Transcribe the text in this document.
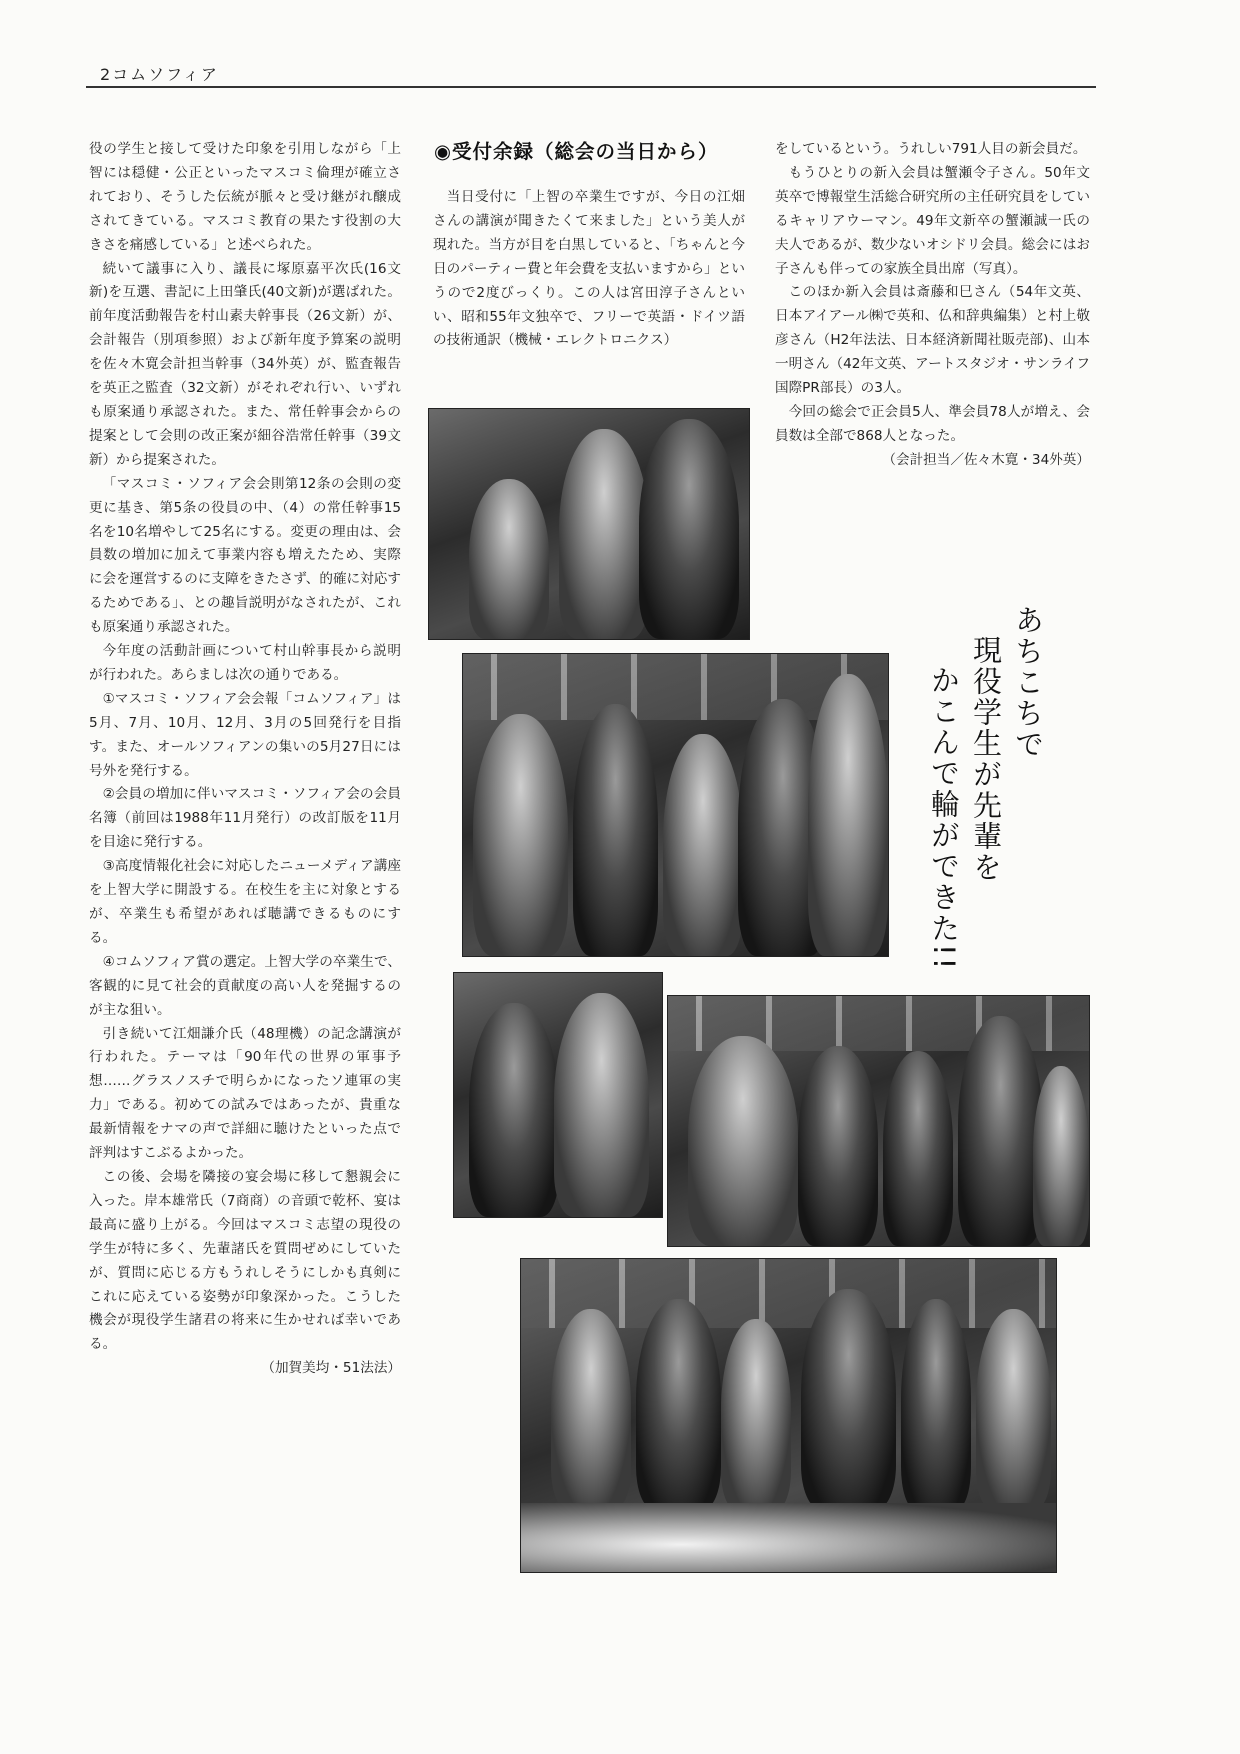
2コムソフィア

役の学生と接して受けた印象を引用しながら「上智には穏健・公正といったマスコミ倫理が確立されており、そうした伝統が脈々と受け継がれ醸成されてきている。マスコミ教育の果たす役割の大きさを痛感している」と述べられた。

続いて議事に入り、議長に塚原嘉平次氏(16文新)を互選、書記に上田肇氏(40文新)が選ばれた。前年度活動報告を村山素夫幹事長（26文新）が、会計報告（別項参照）および新年度予算案の説明を佐々木寛会計担当幹事（34外英）が、監査報告を英正之監査（32文新）がそれぞれ行い、いずれも原案通り承認された。また、常任幹事会からの提案として会則の改正案が細谷浩常任幹事（39文新）から提案された。

「マスコミ・ソフィア会会則第12条の会則の変更に基き、第5条の役員の中、（4）の常任幹事15名を10名増やして25名にする。変更の理由は、会員数の増加に加えて事業内容も増えたため、実際に会を運営するのに支障をきたさず、的確に対応するためである」、との趣旨説明がなされたが、これも原案通り承認された。

今年度の活動計画について村山幹事長から説明が行われた。あらましは次の通りである。

①マスコミ・ソフィア会会報「コムソフィア」は5月、7月、10月、12月、3月の5回発行を目指す。また、オールソフィアンの集いの5月27日には号外を発行する。

②会員の増加に伴いマスコミ・ソフィア会の会員名簿（前回は1988年11月発行）の改訂版を11月を目途に発行する。

③高度情報化社会に対応したニューメディア講座を上智大学に開設する。在校生を主に対象とするが、卒業生も希望があれば聴講できるものにする。

④コムソフィア賞の選定。上智大学の卒業生で、客観的に見て社会的貢献度の高い人を発掘するのが主な狙い。

引き続いて江畑謙介氏（48理機）の記念講演が行われた。テーマは「90年代の世界の軍事予想……グラスノスチで明らかになったソ連軍の実力」である。初めての試みではあったが、貴重な最新情報をナマの声で詳細に聴けたといった点で評判はすこぶるよかった。

この後、会場を隣接の宴会場に移して懇親会に入った。岸本雄常氏（7商商）の音頭で乾杯、宴は最高に盛り上がる。今回はマスコミ志望の現役の学生が特に多く、先輩諸氏を質問ぜめにしていたが、質問に応じる方もうれしそうにしかも真剣にこれに応えている姿勢が印象深かった。こうした機会が現役学生諸君の将来に生かせれば幸いである。

（加賀美均・51法法）

◉受付余録（総会の当日から）

当日受付に「上智の卒業生ですが、今日の江畑さんの講演が聞きたくて来ました」という美人が現れた。当方が目を白黒していると、「ちゃんと今日のパーティー費と年会費を支払いますから」というので2度びっくり。この人は宮田淳子さんといい、昭和55年文独卒で、フリーで英語・ドイツ語の技術通訳（機械・エレクトロニクス）

をしているという。うれしい791人目の新会員だ。

もうひとりの新入会員は蟹瀬令子さん。50年文英卒で博報堂生活総合研究所の主任研究員をしているキャリアウーマン。49年文新卒の蟹瀬誠一氏の夫人であるが、数少ないオシドリ会員。総会にはお子さんも伴っての家族全員出席（写真）。

このほか新入会員は斎藤和巳さん（54年文英、日本アイアール㈱で英和、仏和辞典編集）と村上敬彦さん（H2年法法、日本経済新聞社販売部)、山本一明さん（42年文英、アートスタジオ・サンライフ国際PR部長）の3人。

今回の総会で正会員5人、準会員78人が増え、会員数は全部で868人となった。

（会計担当／佐々木寛・34外英）

あちこちで
現役学生が先輩を
かこんで輪ができた!!
